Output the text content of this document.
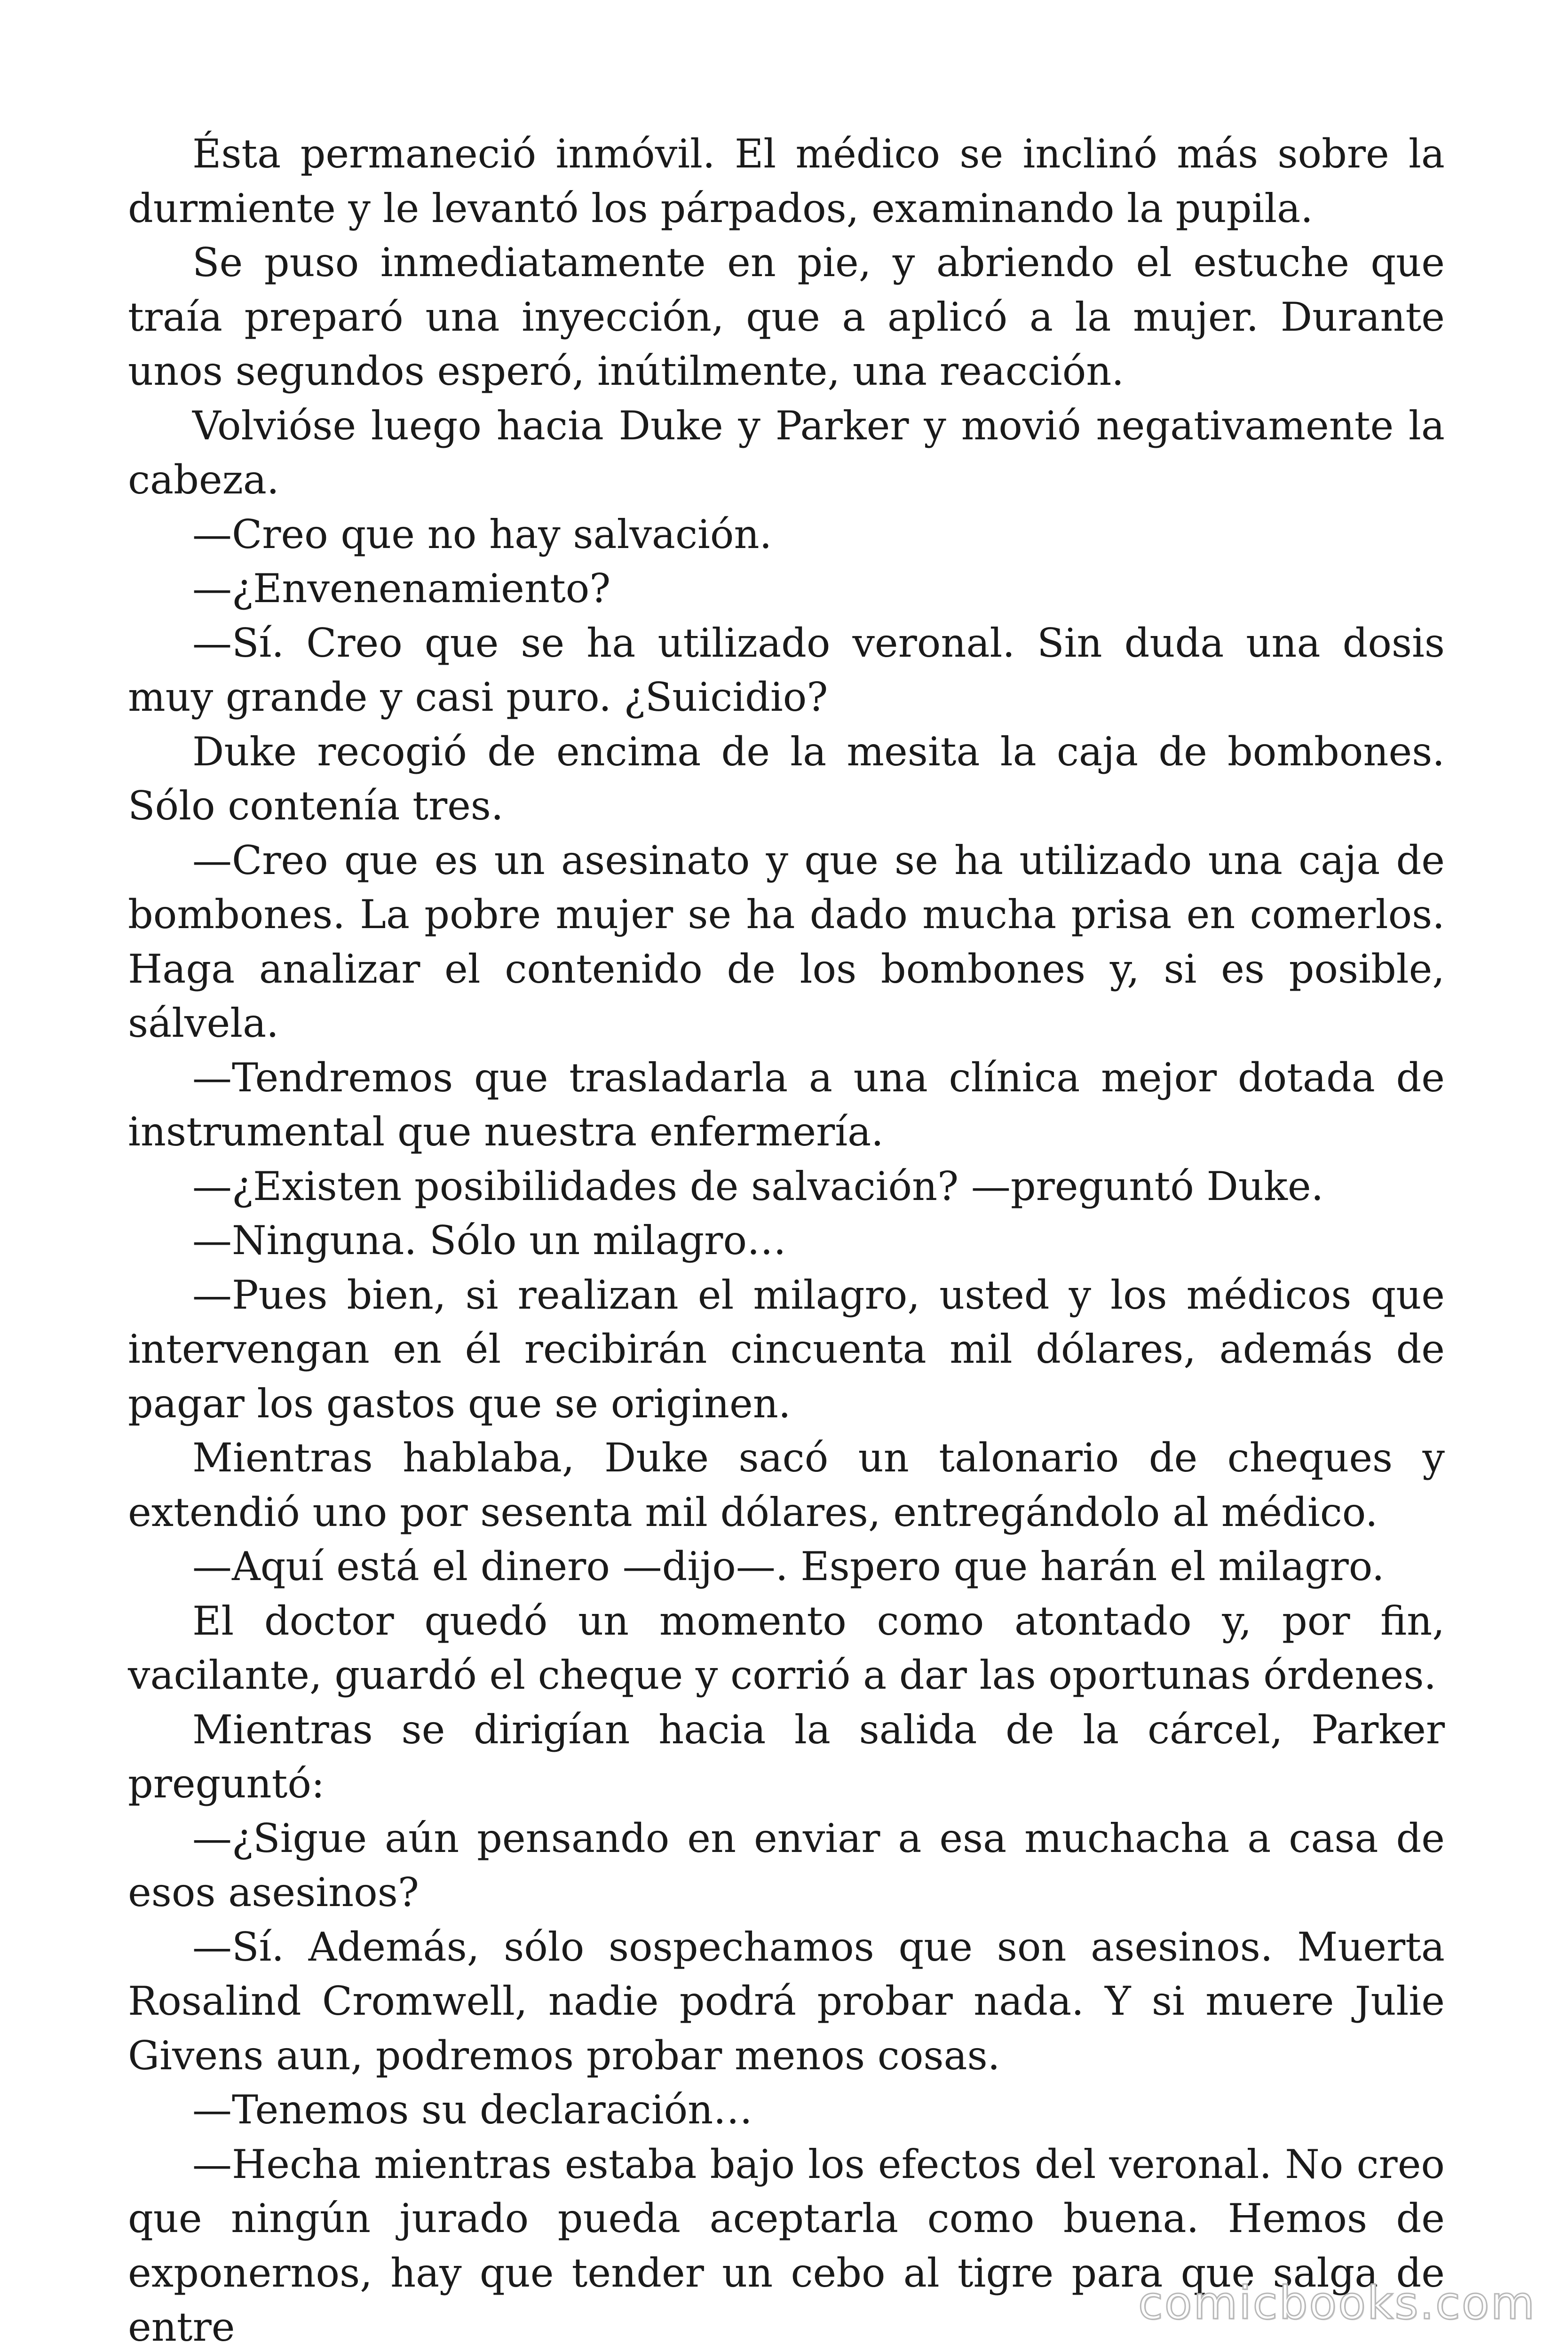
Ésta permaneció inmóvil. El médico se inclinó más sobre la durmiente y le levantó los párpados, examinando la pupila.

Se puso inmediatamente en pie, y abriendo el estuche que traía preparó una inyección, que a aplicó a la mujer. Durante unos segundos esperó, inútilmente, una reacción.

Volvióse luego hacia Duke y Parker y movió negativamente la cabeza.

—Creo que no hay salvación.

—¿Envenenamiento?

—Sí. Creo que se ha utilizado veronal. Sin duda una dosis muy grande y casi puro. ¿Suicidio?

Duke recogió de encima de la mesita la caja de bombones. Sólo contenía tres.

—Creo que es un asesinato y que se ha utilizado una caja de bombones. La pobre mujer se ha dado mucha prisa en comerlos. Haga analizar el contenido de los bombones y, si es posible, sálvela.

—Tendremos que trasladarla a una clínica mejor dotada de instrumental que nuestra enfermería.

—¿Existen posibilidades de salvación? —preguntó Duke.

—Ninguna. Sólo un milagro…

—Pues bien, si realizan el milagro, usted y los médicos que intervengan en él recibirán cincuenta mil dólares, además de pagar los gastos que se originen.

Mientras hablaba, Duke sacó un talonario de cheques y extendió uno por sesenta mil dólares, entregándolo al médico.

—Aquí está el dinero —dijo—. Espero que harán el milagro.

El doctor quedó un momento como atontado y, por fin, vacilante, guardó el cheque y corrió a dar las oportunas órdenes.

Mientras se dirigían hacia la salida de la cárcel, Parker preguntó:

—¿Sigue aún pensando en enviar a esa muchacha a casa de esos asesinos?

—Sí. Además, sólo sospechamos que son asesinos. Muerta Rosalind Cromwell, nadie podrá probar nada. Y si muere Julie Givens aun, podremos probar menos cosas.

—Tenemos su declaración…

—Hecha mientras estaba bajo los efectos del veronal. No creo que ningún jurado pueda aceptarla como buena. Hemos de exponernos, hay que tender un cebo al tigre para que salga de entre	comicbooks.com
